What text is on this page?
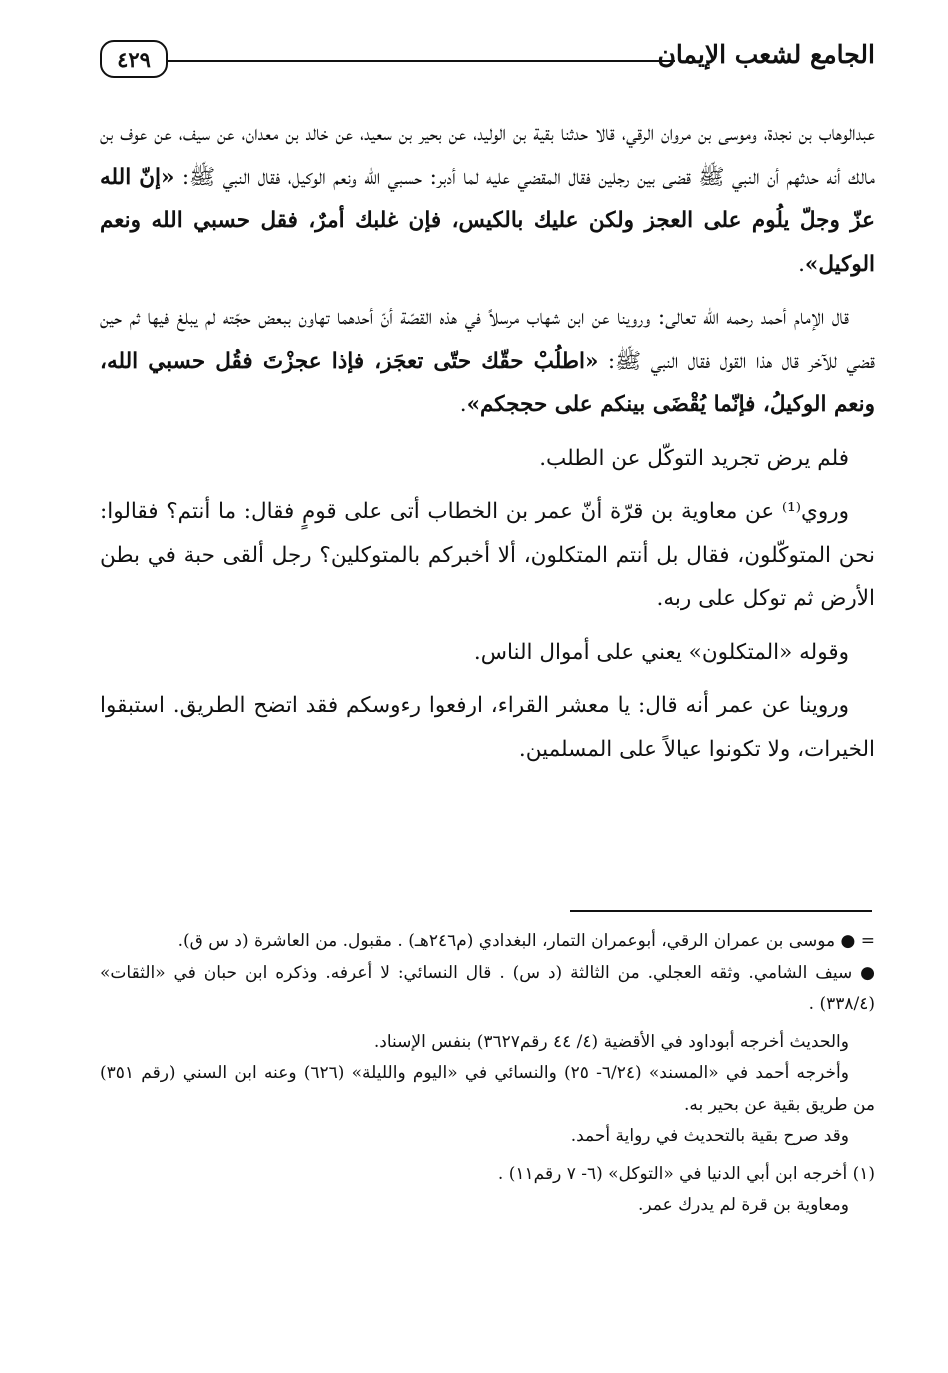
٤٢٩	الجامع لشعب الإيمان

عبدالوهاب بن نجدة، وموسى بن مروان الرقي، قالا حدثنا بقية بن الوليد، عن بحير بن سعيد، عن خالد بن معدان، عن سيف، عن عوف بن مالك أنه حدثهم أن النبي ﷺ قضى بين رجلين فقال المقضي عليه لما أدبر: حسبي الله ونعم الوكيل، فقال النبي ﷺ: «إنّ الله عزّ وجلّ يلُوم على العجز ولكن عليك بالكيس، فإن غلبك أمرٌ، فقل حسبي الله ونعم الوكيل».

قال الإمام أحمد رحمه الله تعالى: وروينا عن ابن شهاب مرسلاً في هذه القصّة أنّ أحدهما تهاون ببعض حجّته لم يبلغ فيها ثم حين قضي للآخر قال هذا القول فقال النبي ﷺ: «اطلُبْ حقّك حتّى تعجَز، فإذا عجزْتَ فقُل حسبي الله، ونعم الوكيلُ، فإنّما يُقْضَى بينكم على حججكم».

فلم يرض تجريد التوكّل عن الطلب.

وروي⁽¹⁾ عن معاوية بن قرّة أنّ عمر بن الخطاب أتى على قومٍ فقال: ما أنتم؟ فقالوا: نحن المتوكّلون، فقال بل أنتم المتكلون، ألا أخبركم بالمتوكلين؟ رجل ألقى حبة في بطن الأرض ثم توكل على ربه.

وقوله «المتكلون» يعني على أموال الناس.

وروينا عن عمر أنه قال: يا معشر القراء، ارفعوا رءوسكم فقد اتضح الطريق. استبقوا الخيرات، ولا تكونوا عيالاً على المسلمين.

= ● موسى بن عمران الرقي، أبوعمران التمار، البغدادي (م٢٤٦هـ) . مقبول. من العاشرة (د س ق).

● سيف الشامي. وثقه العجلي. من الثالثة (د س) . قال النسائي: لا أعرفه. وذكره ابن حبان في «الثقات» (٣٣٨/٤) .

والحديث أخرجه أبوداود في الأقضية (٤/ ٤٤ رقم٣٦٢٧) بنفس الإسناد.

وأخرجه أحمد في «المسند» (٦/٢٤- ٢٥) والنسائي في «اليوم والليلة» (٦٢٦) وعنه ابن السني (رقم ٣٥١) من طريق بقية عن بحير به.

وقد صرح بقية بالتحديث في رواية أحمد.

(١) أخرجه ابن أبي الدنيا في «التوكل» (٦- ٧ رقم١١) .

ومعاوية بن قرة لم يدرك عمر.
